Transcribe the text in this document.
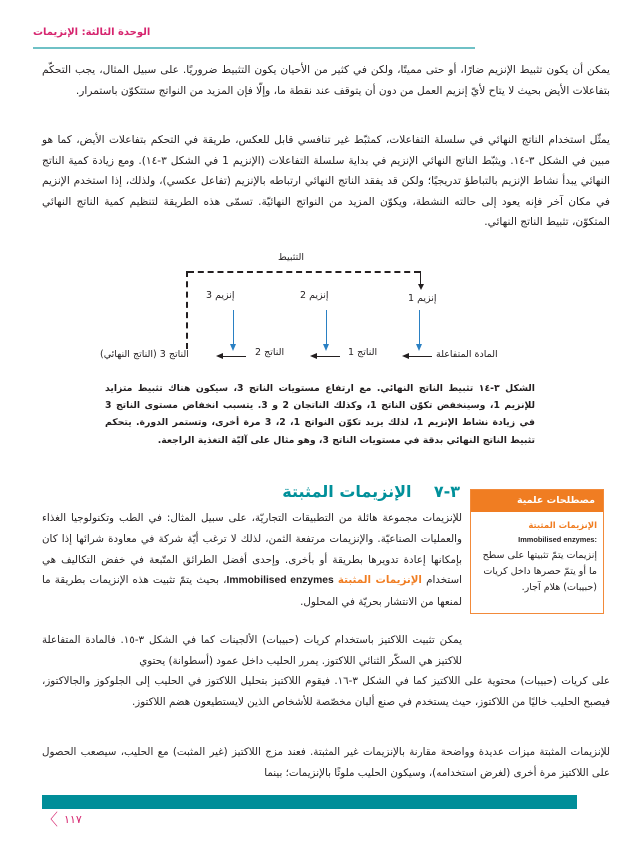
الوحدة الثالثة: الإنزيمات

يمكن أن يكون تثبيط الإنزيم ضارًا، أو حتى مميتًا، ولكن في كثير من الأحيان يكون التثبيط ضروريًا. على سبيل المثال، يجب التحكّم بتفاعلات الأيض بحيث لا يتاح لأيّ إنزيم العمل من دون أن يتوقف عند نقطة ما، وإلّا فإن المزيد من النواتج ستتكوّن باستمرار.

يمثّل استخدام الناتج النهائي في سلسلة التفاعلات، كمثبّط غير تنافسي قابل للعكس، طريقة في التحكم بتفاعلات الأيض، كما هو مبين في الشكل ٣-١٤. ويثبّط الناتج النهائي الإنزيم في بداية سلسلة التفاعلات (الإنزيم 1 في الشكل ٣-١٤). ومع زيادة كمية الناتج النهائي يبدأ نشاط الإنزيم بالتباطؤ تدريجيًا؛ ولكن قد يفقد الناتج النهائي ارتباطه بالإنزيم (تفاعل عكسي)، ولذلك، إذا استخدم الإنزيم في مكان آخر فإنه يعود إلى حالته النشطة، ويكوّن المزيد من النواتج النهائيّة. تسمّى هذه الطريقة لتنظيم كمية الناتج النهائي المتكوّن، تثبيط الناتج النهائي.

التثبيط
إنزيم 1
إنزيم 2
إنزيم 3
المادة المتفاعلة
الناتج 1
الناتج 2
الناتج 3 (الناتج النهائي)

الشكل ٣-١٤ تثبيط الناتج النهائي. مع ارتفاع مستويات الناتج 3، سيكون هناك تثبيط متزايد للإنزيم 1، وسينخفض تكوّن الناتج 1، وكذلك الناتجان 2 و 3. يتسبب انخفاض مستوى الناتج 3 في زيادة نشاط الإنزيم 1، لذلك يزيد تكوّن النواتج 1، 2، 3 مرة أخرى، وتستمر الدورة. يتحكم تثبيط الناتج النهائي بدقة في مستويات الناتج 3، وهو مثال على آليّة التغذية الراجعة.

٣-٧    الإنزيمات المثبتة	مصطلحات علمية
الإنزيمات المثبتة
Immobilised enzymes:
إنزيمات يتمّ تثبيتها على سطح ما أو يتمّ حصرها داخل كريات (حبيبات) هلام آجار.

للإنزيمات مجموعة هائلة من التطبيقات التجاريّة، على سبيل المثال: في الطب وتكنولوجيا الغذاء والعمليات الصناعيّة. والإنزيمات مرتفعة الثمن، لذلك لا ترغب أيّة شركة في معاودة شرائها إذا كان بإمكانها إعادة تدويرها بطريقة أو بأخرى. وإحدى أفضل الطرائق المتّبعة في خفض التكاليف هي استخدام الإنزيمات المثبتة Immobilised enzymes، بحيث يتمّ تثبيت هذه الإنزيمات بطريقة ما لمنعها من الانتشار بحريّة في المحلول.

يمكن تثبيت اللاكتيز باستخدام كريات (حبيبات) الألجينات كما في الشكل ٣-١٥. فالمادة المتفاعلة للاكتيز هي السكّر الثنائي اللاكتوز. يمرر الحليب داخل عمود (أسطوانة) يحتوي

على كريات (حبيبات) محتوية على اللاكتيز كما في الشكل ٣-١٦. فيقوم اللاكتيز بتحليل اللاكتوز في الحليب إلى الجلوكوز والجالاكتوز، فيصبح الحليب خاليًا من اللاكتوز، حيث يستخدم في صنع ألبان مخصّصة للأشخاص الذين لايستطيعون هضم اللاكتوز.

للإنزيمات المثبتة ميزات عديدة وواضحة مقارنة بالإنزيمات غير المثبتة. فعند مزج اللاكتيز (غير المثبت) مع الحليب، سيصعب الحصول على اللاكتيز مرة أخرى (لغرض استخدامه)، وسيكون الحليب ملوثًا بالإنزيمات؛ بينما

〈 ١١٧
